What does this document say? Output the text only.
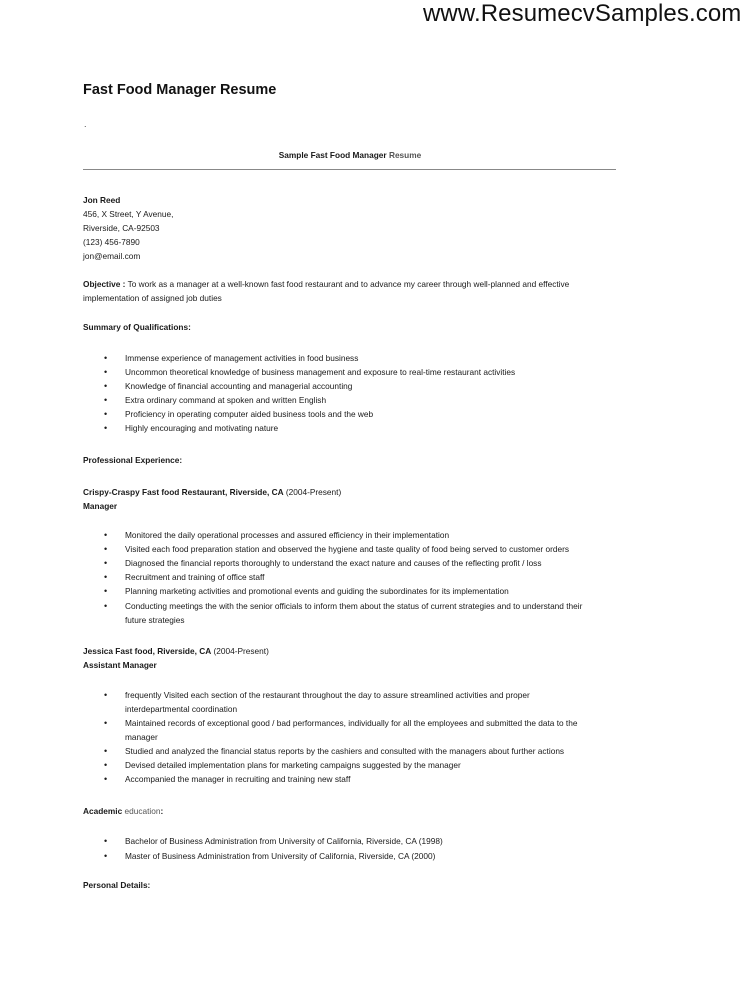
www.ResumecvSamples.com
Fast Food Manager Resume
.
Sample Fast Food Manager Resume
Jon Reed
456, X Street, Y Avenue,
Riverside, CA-92503
(123) 456-7890
jon@email.com
Objective : To work as a manager at a well-known fast food restaurant and to advance my career through well-planned and effective
implementation of assigned job duties
Summary of Qualifications:
• Immense experience of management activities in food business
• Uncommon theoretical knowledge of business management and exposure to real-time restaurant activities
• Knowledge of financial accounting and managerial accounting
• Extra ordinary command at spoken and written English
• Proficiency in operating computer aided business tools and the web
• Highly encouraging and motivating nature
Professional Experience:
Crispy-Craspy Fast food Restaurant, Riverside, CA (2004-Present)
Manager
• Monitored the daily operational processes and assured efficiency in their implementation
• Visited each food preparation station and observed the hygiene and taste quality of food being served to customer orders
• Diagnosed the financial reports thoroughly to understand the exact nature and causes of the reflecting profit / loss
• Recruitment and training of office staff
• Planning marketing activities and promotional events and guiding the subordinates for its implementation
• Conducting meetings the with the senior officials to inform them about the status of current strategies and to understand their
future strategies
Jessica Fast food, Riverside, CA (2004-Present)
Assistant Manager
• frequently Visited each section of the restaurant throughout the day to assure streamlined activities and proper
interdepartmental coordination
• Maintained records of exceptional good / bad performances, individually for all the employees and submitted the data to the
manager
• Studied and analyzed the financial status reports by the cashiers and consulted with the managers about further actions
• Devised detailed implementation plans for marketing campaigns suggested by the manager
• Accompanied the manager in recruiting and training new staff
Academic education:
• Bachelor of Business Administration from University of California, Riverside, CA (1998)
• Master of Business Administration from University of California, Riverside, CA (2000)
Personal Details:
